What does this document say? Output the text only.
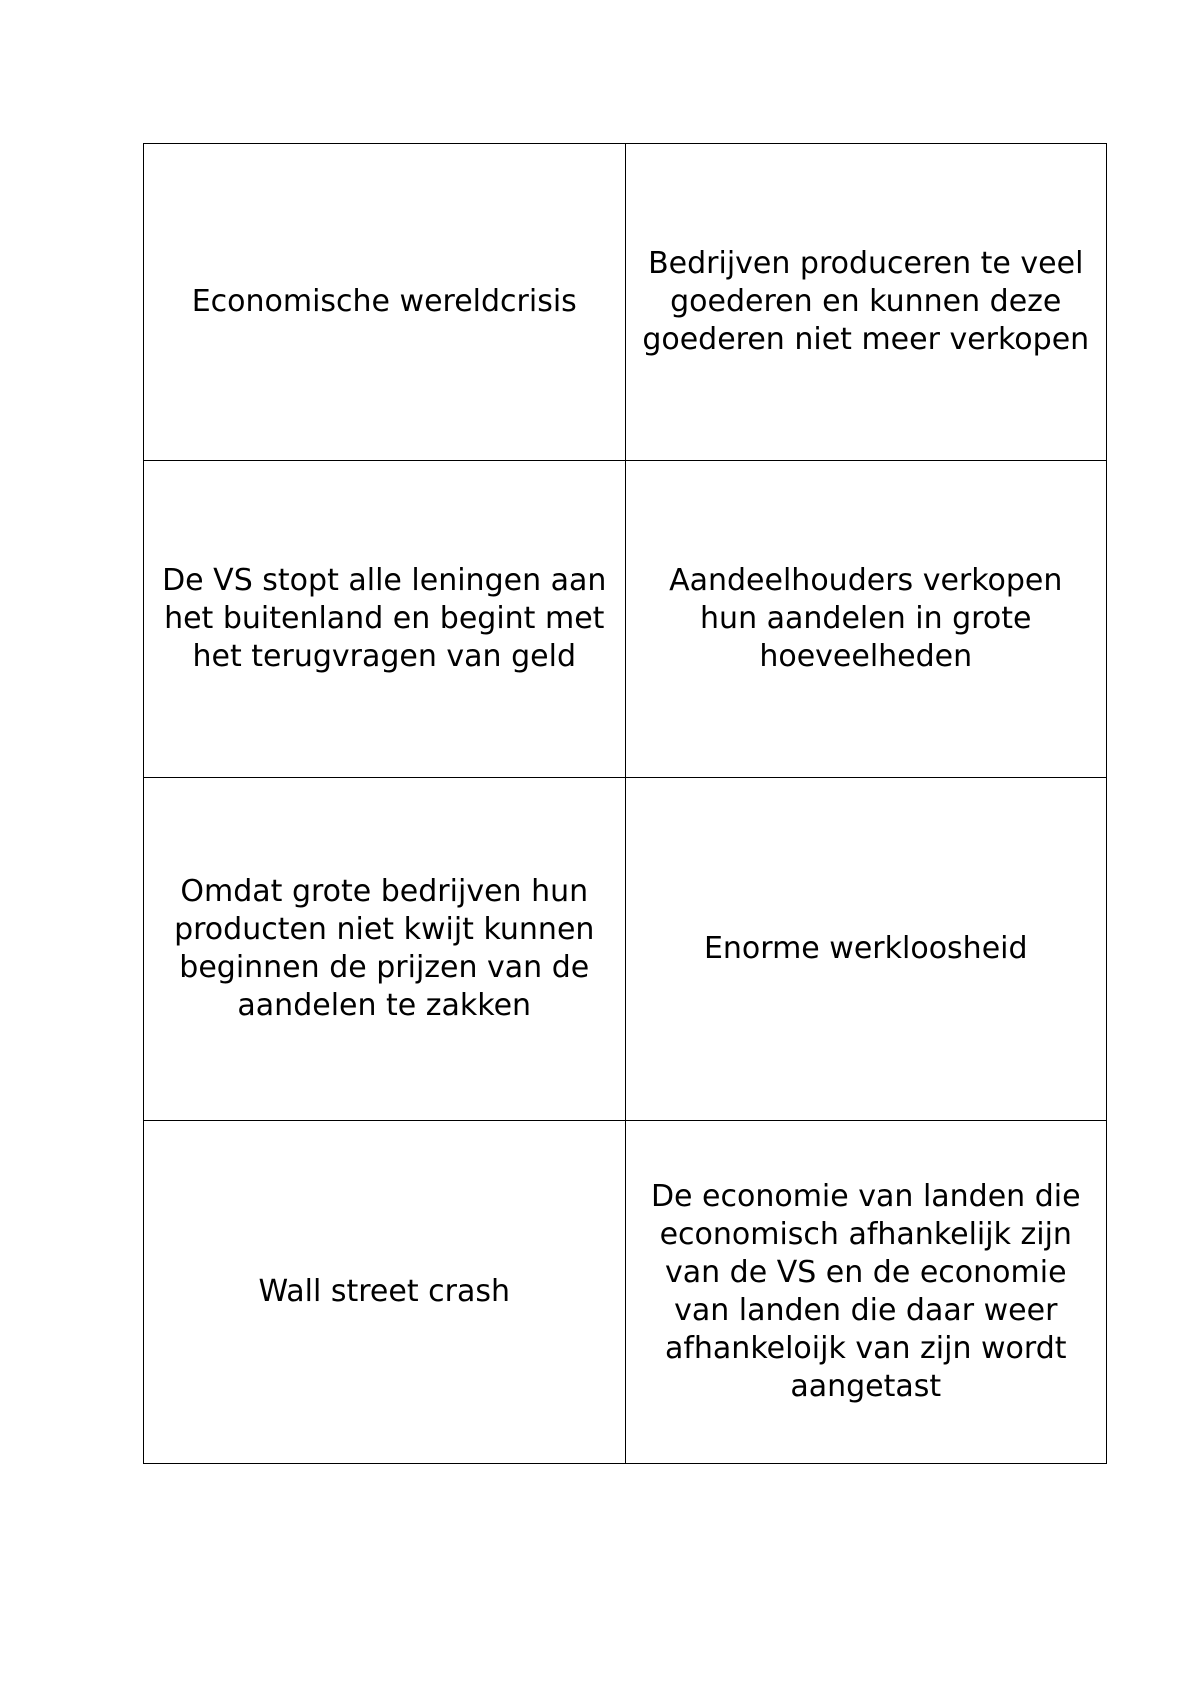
Economische wereldcrisis	Bedrijven produceren te veel goederen en kunnen deze goederen niet meer verkopen
De VS stopt alle leningen aan het buitenland en begint met het terugvragen van geld	Aandeelhouders verkopen hun aandelen in grote hoeveelheden
Omdat grote bedrijven hun producten niet kwijt kunnen beginnen de prijzen van de aandelen te zakken	Enorme werkloosheid
Wall street crash	De economie van landen die economisch afhankelijk zijn van de VS en de economie van landen die daar weer afhankeloijk van zijn wordt aangetast
